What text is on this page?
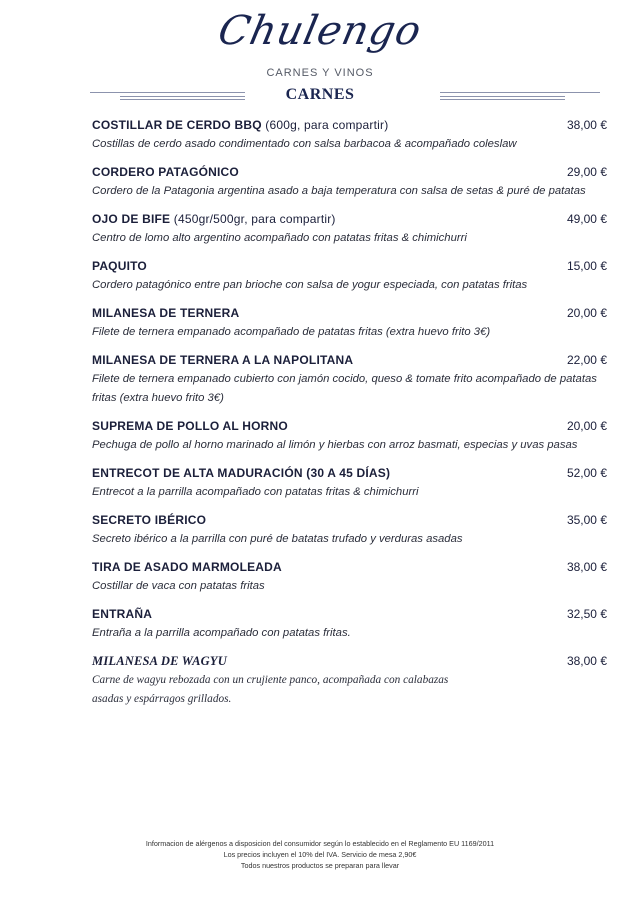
Chulengo
CARNES Y VINOS
CARNES
COSTILLAR DE CERDO BBQ (600g, para compartir)	38,00 €
Costillas de cerdo asado condimentado con salsa barbacoa & acompañado coleslaw
CORDERO PATAGÓNICO	29,00 €
Cordero de la Patagonia argentina asado a baja temperatura con salsa de setas & puré de patatas
OJO DE BIFE (450gr/500gr, para compartir)	49,00 €
Centro de lomo alto argentino acompañado con patatas fritas & chimichurri
PAQUITO	15,00 €
Cordero patagónico entre pan brioche con salsa de yogur especiada, con patatas fritas
MILANESA DE TERNERA	20,00 €
Filete de ternera empanado acompañado de patatas fritas (extra huevo frito 3€)
MILANESA DE TERNERA A LA NAPOLITANA	22,00 €
Filete de ternera empanado cubierto con jamón cocido, queso & tomate frito acompañado de patatas fritas (extra huevo frito 3€)
SUPREMA DE POLLO AL HORNO	20,00 €
Pechuga de pollo al horno marinado al limón y hierbas con arroz basmati, especias y uvas pasas
ENTRECOT DE ALTA MADURACIÓN (30 A 45 DÍAS)	52,00 €
Entrecot a la parrilla acompañado con patatas fritas & chimichurri
SECRETO IBÉRICO	35,00 €
Secreto ibérico a la parrilla con puré de batatas trufado y verduras asadas
TIRA DE ASADO MARMOLEADA	38,00 €
Costillar de vaca con patatas fritas
ENTRAÑA	32,50 €
Entraña a la parrilla acompañado con patatas fritas.
MILANESA DE WAGYU	38,00 €
Carne de wagyu rebozada con un crujiente panco, acompañada con calabazas asadas y espárragos grillados.
Informacion de alérgenos a disposicion del consumidor según lo establecido en el Reglamento EU 1169/2011
Los precios incluyen el 10% del IVA. Servicio de mesa 2,90€
Todos nuestros productos se preparan para llevar
